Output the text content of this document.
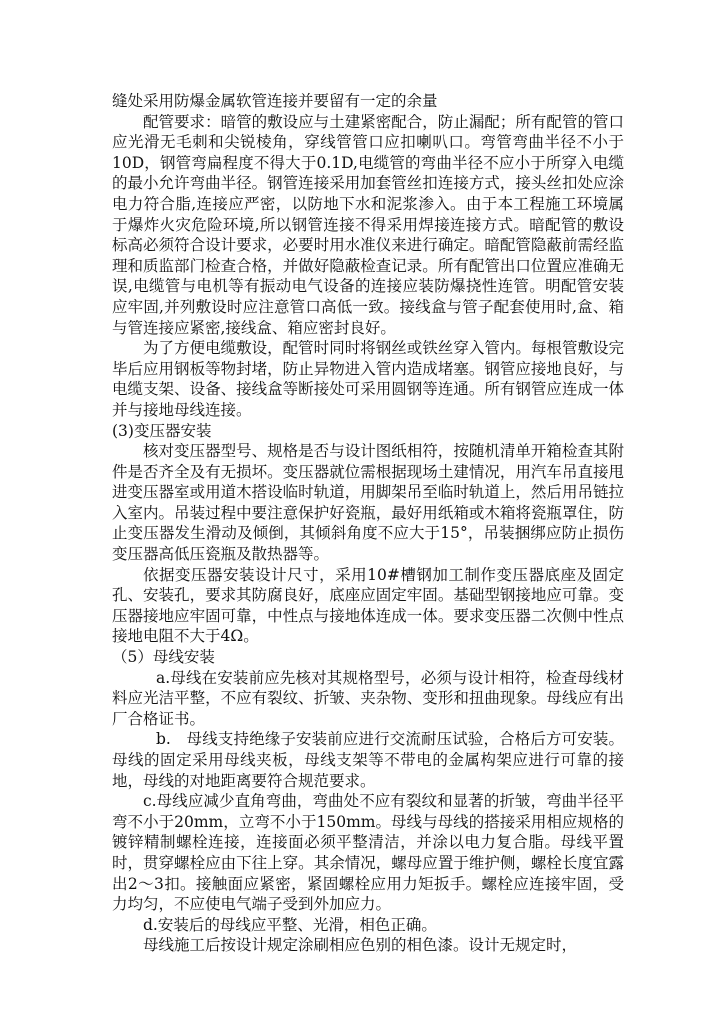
缝处采用防爆金属软管连接并要留有一定的余量

配管要求：暗管的敷设应与土建紧密配合，防止漏配；所有配管的管口应光滑无毛刺和尖锐棱角，穿线管管口应扣喇叭口。弯管弯曲半径不小于10D，钢管弯扁程度不得大于0.1D,电缆管的弯曲半径不应小于所穿入电缆的最小允许弯曲半径。钢管连接采用加套管丝扣连接方式，接头丝扣处应涂电力符合脂,连接应严密，以防地下水和泥浆渗入。由于本工程施工环境属于爆炸火灾危险环境,所以钢管连接不得采用焊接连接方式。暗配管的敷设标高必须符合设计要求，必要时用水准仪来进行确定。暗配管隐蔽前需经监理和质监部门检查合格，并做好隐蔽检查记录。所有配管出口位置应准确无误,电缆管与电机等有振动电气设备的连接应装防爆挠性连管。明配管安装应牢固,并列敷设时应注意管口高低一致。接线盒与管子配套使用时,盒、箱与管连接应紧密,接线盒、箱应密封良好。

为了方便电缆敷设，配管时同时将钢丝或铁丝穿入管内。每根管敷设完毕后应用钢板等物封堵，防止异物进入管内造成堵塞。钢管应接地良好，与电缆支架、设备、接线盒等断接处可采用圆钢等连通。所有钢管应连成一体并与接地母线连接。

(3)变压器安装

核对变压器型号、规格是否与设计图纸相符，按随机清单开箱检查其附件是否齐全及有无损坏。变压器就位需根据现场土建情况，用汽车吊直接甩进变压器室或用道木搭设临时轨道，用脚架吊至临时轨道上，然后用吊链拉入室内。吊装过程中要注意保护好瓷瓶，最好用纸箱或木箱将瓷瓶罩住，防止变压器发生滑动及倾倒，其倾斜角度不应大于15°，吊装捆绑应防止损伤变压器高低压瓷瓶及散热器等。

依据变压器安装设计尺寸，采用10#槽钢加工制作变压器底座及固定孔、安装孔，要求其防腐良好，底座应固定牢固。基础型钢接地应可靠。变压器接地应牢固可靠，中性点与接地体连成一体。要求变压器二次侧中性点接地电阻不大于4Ω。

（5）母线安装

a.母线在安装前应先核对其规格型号，必须与设计相符，检查母线材料应光洁平整，不应有裂纹、折皱、夹杂物、变形和扭曲现象。母线应有出厂合格证书。

b.　母线支持绝缘子安装前应进行交流耐压试验，合格后方可安装。母线的固定采用母线夹板，母线支架等不带电的金属构架应进行可靠的接地，母线的对地距离要符合规范要求。

c.母线应减少直角弯曲，弯曲处不应有裂纹和显著的折皱，弯曲半径平弯不小于20mm，立弯不小于150mm。母线与母线的搭接采用相应规格的镀锌精制螺栓连接，连接面必须平整清洁，并涂以电力复合脂。母线平置时，贯穿螺栓应由下往上穿。其余情况，螺母应置于维护侧，螺栓长度宜露出2～3扣。接触面应紧密，紧固螺栓应用力矩扳手。螺栓应连接牢固，受力均匀，不应使电气端子受到外加应力。

d.安装后的母线应平整、光滑，相色正确。

母线施工后按设计规定涂刷相应色别的相色漆。设计无规定时，
